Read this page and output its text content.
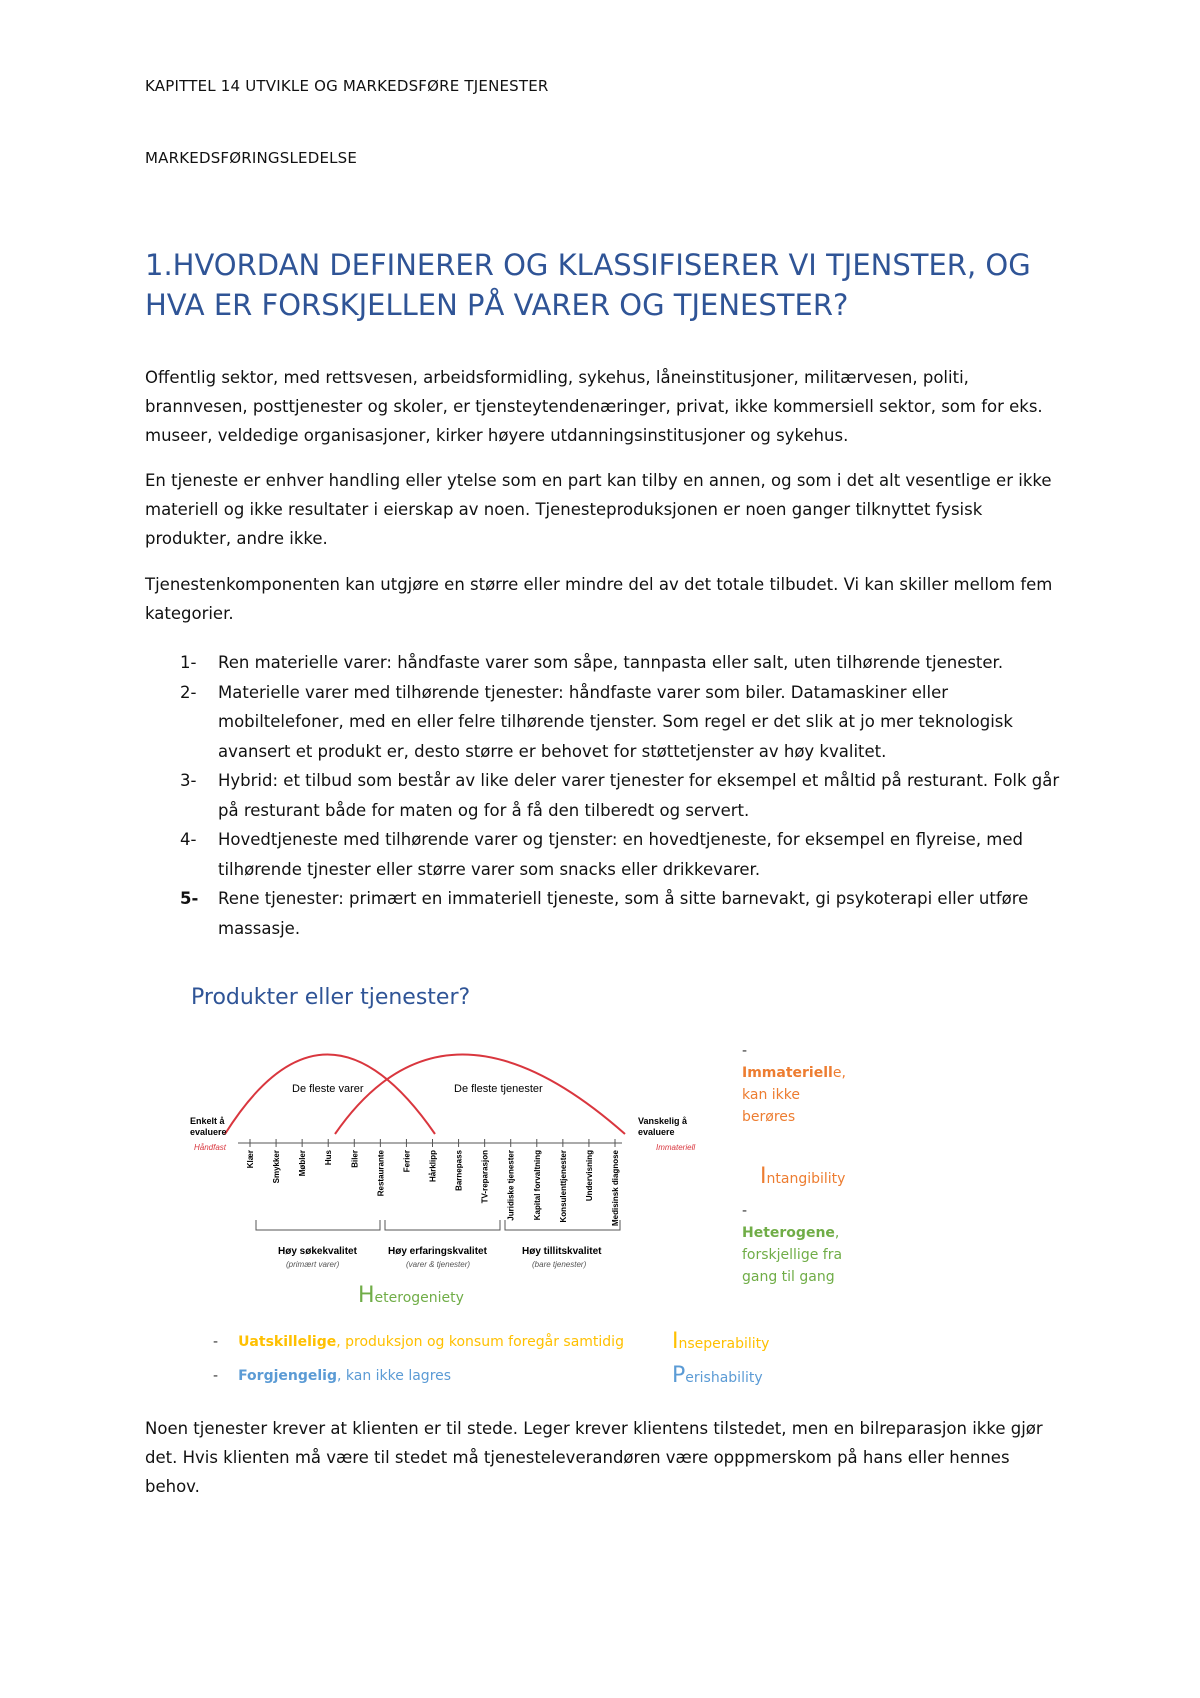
KAPITTEL 14 UTVIKLE OG MARKEDSFØRE TJENESTER
MARKEDSFØRINGSLEDELSE
1.HVORDAN DEFINERER OG KLASSIFISERER VI TJENSTER, OG HVA ER FORSKJELLEN PÅ VARER OG TJENESTER?

Offentlig sektor, med rettsvesen, arbeidsformidling, sykehus, låneinstitusjoner, militærvesen, politi, brannvesen, posttjenester og skoler, er tjensteytendenæringer, privat, ikke kommersiell sektor, som for eks. museer, veldedige organisasjoner, kirker høyere utdanningsinstitusjoner og sykehus.

En tjeneste er enhver handling eller ytelse som en part kan tilby en annen, og som i det alt vesentlige er ikke materiell og ikke resultater i eierskap av noen. Tjenesteproduksjonen er noen ganger tilknyttet fysisk produkter, andre ikke.

Tjenestenkomponenten kan utgjøre en større eller mindre del av det totale tilbudet. Vi kan skiller mellom fem kategorier.

1-	Ren materielle varer: håndfaste varer som såpe, tannpasta eller salt, uten tilhørende tjenester.
2-	Materielle varer med tilhørende tjenester: håndfaste varer som biler. Datamaskiner eller mobiltelefoner, med en eller felre tilhørende tjenster. Som regel er det slik at jo mer teknologisk avansert et produkt er, desto større er behovet for støttetjenster av høy kvalitet.
3-	Hybrid: et tilbud som består av like deler varer tjenester for eksempel et måltid på resturant. Folk går på resturant både for maten og for å få den tilberedt og servert.
4-	Hovedtjeneste med tilhørende varer og tjenster: en hovedtjeneste, for eksempel en flyreise, med tilhørende tjnester eller større varer som snacks eller drikkevarer.
5-	Rene tjenester: primært en immateriell tjeneste, som å sitte barnevakt, gi psykoterapi eller utføre massasje.
Produkter eller tjenester?
De fleste varer	De fleste tjenester
Enkelt å
evaluere
Håndfast
Vanskelig å
evaluere
Immateriell
Klær Smykker Møbler Hus Biler Restaurante Ferier Hårklipp Barnepass TV-reparasjon Juridiske tjenester Kapital forvaltning Konsulenttjenester Undervisning Medisinsk diagnose
Høy søkekvalitet
(primært varer)
Høy erfaringskvalitet
(varer & tjenester)
Høy tillitskvalitet
(bare tjenester)
-Immaterielle, kan ikke berøres
Intangibility
-Heterogene, forskjellige fra gang til gang
Heterogeniety
- Uatskillelige, produksjon og konsum foregår samtidig Inseperability
- Forgjengelig, kan ikke lagres	Perishability

Noen tjenester krever at klienten er til stede. Leger krever klientens tilstedet, men en bilreparasjon ikke gjør det. Hvis klienten må være til stedet må tjenesteleverandøren være opppmerskom på hans eller hennes behov.
